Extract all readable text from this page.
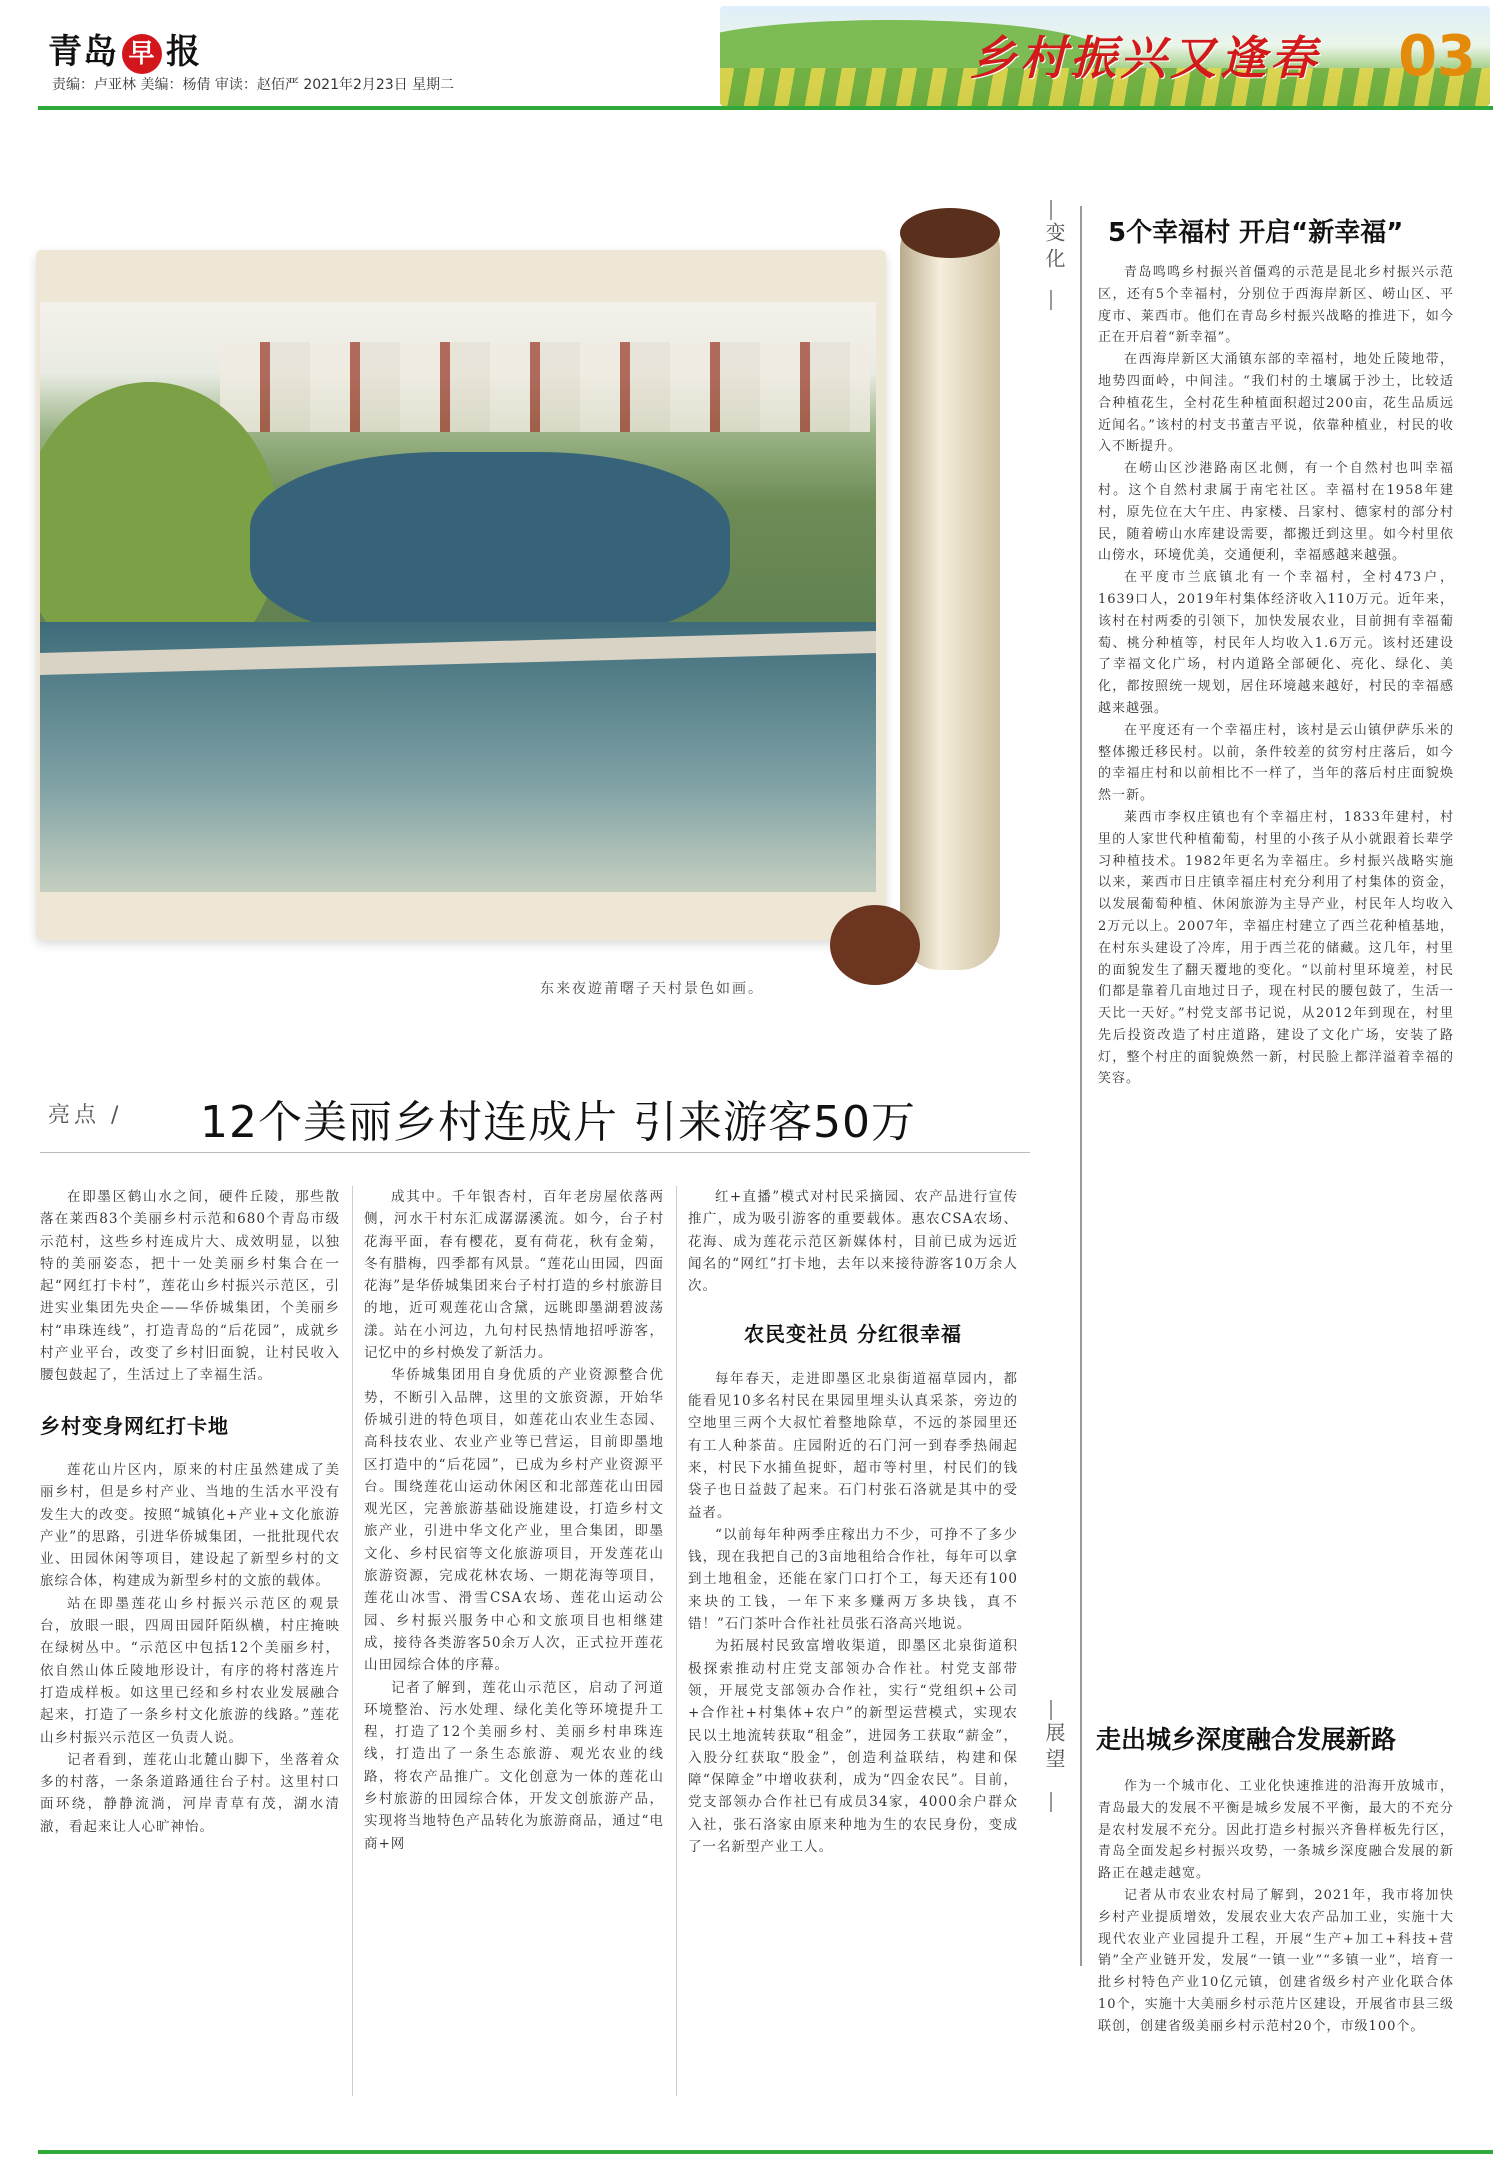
青岛 早 报
责编：卢亚林 美编：杨倩 审读：赵佰严 2021年2月23日 星期二	乡村振兴又逢春 03
东来夜遊莆曙子天村景色如画。
变化 5个幸福村 开启“新幸福”

青岛鸣鸣乡村振兴首僵鸡的示范是昆北乡村振兴示范区，还有5个幸福村，分别位于西海岸新区、崂山区、平度市、莱西市。他们在青岛乡村振兴战略的推进下，如今正在开启着“新幸福”。

在西海岸新区大涌镇东部的幸福村，地处丘陵地带，地势四面岭，中间洼。“我们村的土壤属于沙土，比较适合种植花生，全村花生种植面积超过200亩，花生品质远近闻名。”该村的村支书董吉平说，依靠种植业，村民的收入不断提升。

在崂山区沙港路南区北侧，有一个自然村也叫幸福村。这个自然村隶属于南宅社区。幸福村在1958年建村，原先位在大午庄、冉家楼、吕家村、德家村的部分村民，随着崂山水库建设需要，都搬迁到这里。如今村里依山傍水，环境优美，交通便利，幸福感越来越强。

在平度市兰底镇北有一个幸福村，全村473户，1639口人，2019年村集体经济收入110万元。近年来，该村在村两委的引领下，加快发展农业，目前拥有幸福葡萄、桃分种植等，村民年人均收入1.6万元。该村还建设了幸福文化广场，村内道路全部硬化、亮化、绿化、美化，都按照统一规划，居住环境越来越好，村民的幸福感越来越强。

在平度还有一个幸福庄村，该村是云山镇伊萨乐米的整体搬迁移民村。以前，条件较差的贫穷村庄落后，如今的幸福庄村和以前相比不一样了，当年的落后村庄面貌焕然一新。

莱西市李权庄镇也有个幸福庄村，1833年建村，村里的人家世代种植葡萄，村里的小孩子从小就跟着长辈学习种植技术。1982年更名为幸福庄。乡村振兴战略实施以来，莱西市日庄镇幸福庄村充分利用了村集体的资金，以发展葡萄种植、休闲旅游为主导产业，村民年人均收入2万元以上。2007年，幸福庄村建立了西兰花种植基地，在村东头建设了冷库，用于西兰花的储藏。这几年，村里的面貌发生了翻天覆地的变化。“以前村里环境差，村民们都是靠着几亩地过日子，现在村民的腰包鼓了，生活一天比一天好。”村党支部书记说，从2012年到现在，村里先后投资改造了村庄道路，建设了文化广场，安装了路灯，整个村庄的面貌焕然一新，村民脸上都洋溢着幸福的笑容。

展望 走出城乡深度融合发展新路

作为一个城市化、工业化快速推进的沿海开放城市，青岛最大的发展不平衡是城乡发展不平衡，最大的不充分是农村发展不充分。因此打造乡村振兴齐鲁样板先行区，青岛全面发起乡村振兴攻势，一条城乡深度融合发展的新路正在越走越宽。

记者从市农业农村局了解到，2021年，我市将加快乡村产业提质增效，发展农业大农产品加工业，实施十大现代农业产业园提升工程，开展“生产+加工+科技+营销”全产业链开发，发展“一镇一业”“多镇一业”，培育一批乡村特色产业10亿元镇，创建省级乡村产业化联合体10个，实施十大美丽乡村示范片区建设，开展省市县三级联创，创建省级美丽乡村示范村20个，市级100个。

亮点 / 12个美丽乡村连成片 引来游客50万

在即墨区鹤山水之间，硬件丘陵，那些散落在莱西83个美丽乡村示范和680个青岛市级示范村，这些乡村连成片大、成效明显，以独特的美丽姿态，把十一处美丽乡村集合在一起“网红打卡村”，莲花山乡村振兴示范区，引进实业集团先央企——华侨城集团，个美丽乡村“串珠连线”，打造青岛的“后花园”，成就乡村产业平台，改变了乡村旧面貌，让村民收入腰包鼓起了，生活过上了幸福生活。

乡村变身网红打卡地

莲花山片区内，原来的村庄虽然建成了美丽乡村，但是乡村产业、当地的生活水平没有发生大的改变。按照“城镇化+产业+文化旅游产业”的思路，引进华侨城集团，一批批现代农业、田园休闲等项目，建设起了新型乡村的文旅综合体，构建成为新型乡村的文旅的载体。

站在即墨莲花山乡村振兴示范区的观景台，放眼一眼，四周田园阡陌纵横，村庄掩映在绿树丛中。“示范区中包括12个美丽乡村，依自然山体丘陵地形设计，有序的将村落连片打造成样板。如这里已经和乡村农业发展融合起来，打造了一条乡村文化旅游的线路。”莲花山乡村振兴示范区一负责人说。

记者看到，莲花山北麓山脚下，坐落着众多的村落，一条条道路通往台子村。这里村口面环绕，静静流淌，河岸青草有茂，湖水清澈，看起来让人心旷神怡。

成其中。千年银杏村，百年老房屋依落两侧，河水干村东汇成潺潺溪流。如今，台子村花海平面，春有樱花，夏有荷花，秋有金菊，冬有腊梅，四季都有风景。“莲花山田园，四面花海”是华侨城集团来台子村打造的乡村旅游目的地，近可观莲花山含黛，远眺即墨湖碧波荡漾。站在小河边，九句村民热情地招呼游客，记忆中的乡村焕发了新活力。

华侨城集团用自身优质的产业资源整合优势，不断引入品牌，这里的文旅资源，开始华侨城引进的特色项目，如莲花山农业生态园、高科技农业、农业产业等已营运，目前即墨地区打造中的“后花园”，已成为乡村产业资源平台。围绕莲花山运动休闲区和北部莲花山田园观光区，完善旅游基础设施建设，打造乡村文旅产业，引进中华文化产业，里合集团，即墨文化、乡村民宿等文化旅游项目，开发莲花山旅游资源，完成花林农场、一期花海等项目，莲花山冰雪、滑雪CSA农场、莲花山运动公园、乡村振兴服务中心和文旅项目也相继建成，接待各类游客50余万人次，正式拉开莲花山田园综合体的序幕。

记者了解到，莲花山示范区，启动了河道环境整治、污水处理、绿化美化等环境提升工程，打造了12个美丽乡村、美丽乡村串珠连线，打造出了一条生态旅游、观光农业的线路，将农产品推广。文化创意为一体的莲花山乡村旅游的田园综合体，开发文创旅游产品，实现将当地特色产品转化为旅游商品，通过“电商+网

红+直播”模式对村民采摘园、农产品进行宣传推广，成为吸引游客的重要载体。惠农CSA农场、花海、成为莲花示范区新媒体村，目前已成为远近闻名的“网红”打卡地，去年以来接待游客10万余人次。

农民变社员 分红很幸福

每年春天，走进即墨区北泉街道福草园内，都能看见10多名村民在果园里埋头认真采茶，旁边的空地里三两个大叔忙着整地除草，不远的茶园里还有工人种茶苗。庄园附近的石门河一到春季热闹起来，村民下水捕鱼捉虾，超市等村里，村民们的钱袋子也日益鼓了起来。石门村张石洛就是其中的受益者。

“以前每年种两季庄稼出力不少，可挣不了多少钱，现在我把自己的3亩地租给合作社，每年可以拿到土地租金，还能在家门口打个工，每天还有100来块的工钱，一年下来多赚两万多块钱，真不错！”石门茶叶合作社社员张石洛高兴地说。

为拓展村民致富增收渠道，即墨区北泉街道积极探索推动村庄党支部领办合作社。村党支部带领，开展党支部领办合作社，实行“党组织+公司+合作社+村集体+农户”的新型运营模式，实现农民以土地流转获取“租金”，进园务工获取“薪金”，入股分红获取“股金”，创造利益联结，构建和保障“保障金”中增收获利，成为“四金农民”。目前，党支部领办合作社已有成员34家，4000余户群众入社，张石洛家由原来种地为生的农民身份，变成了一名新型产业工人。
